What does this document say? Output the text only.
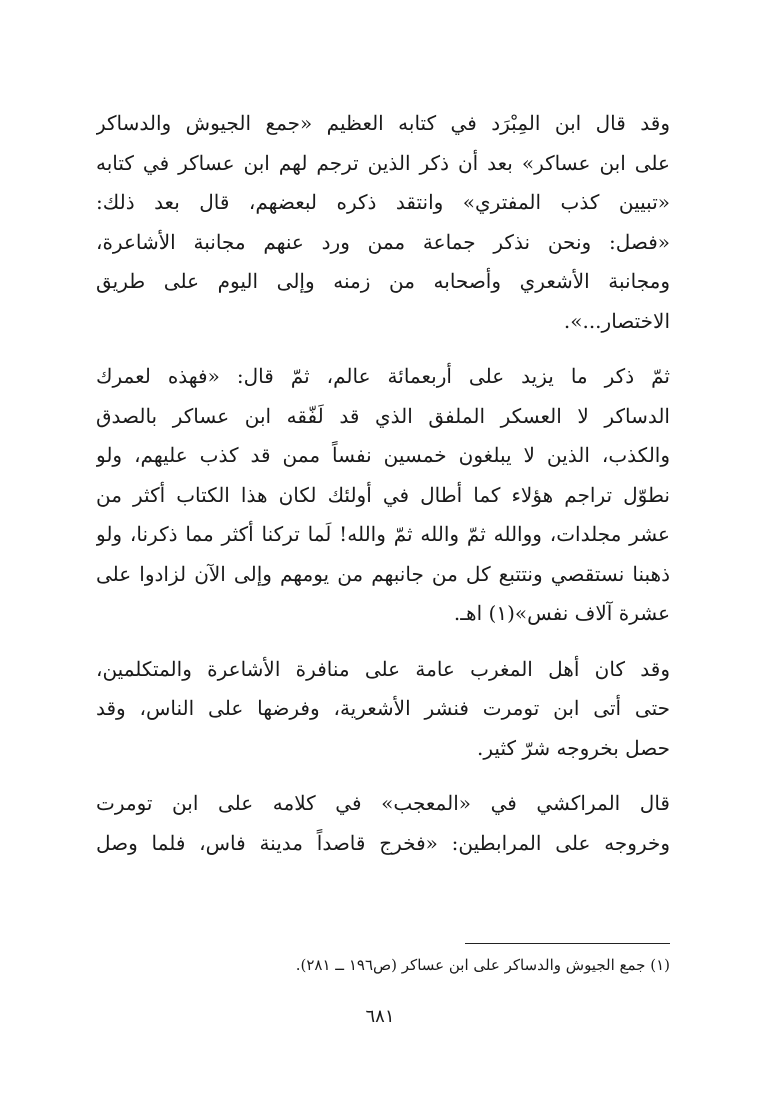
وقد قال ابن المِبْرَد في كتابه العظيم «جمع الجيوش والدساكر
على ابن عساكر» بعد أن ذكر الذين ترجم لهم ابن عساكر في كتابه
«تبيين كذب المفتري» وانتقد ذكره لبعضهم، قال بعد ذلك:
«فصل: ونحن نذكر جماعة ممن ورد عنهم مجانبة الأشاعرة،
ومجانبة الأشعري وأصحابه من زمنه وإلى اليوم على طريق
الاختصار...».
ثمّ ذكر ما يزيد على أربعمائة عالم، ثمّ قال: «فهذه لعمرك
الدساكر لا العسكر الملفق الذي قد لَفّقه ابن عساكر بالصدق
والكذب، الذين لا يبلغون خمسين نفساً ممن قد كذب عليهم، ولو
نطوّل تراجم هؤلاء كما أطال في أولئك لكان هذا الكتاب أكثر من
عشر مجلدات، ووالله ثمّ والله ثمّ والله! لَما تركنا أكثر مما ذكرنا، ولو
ذهبنا نستقصي ونتتبع كل من جانبهم من يومهم وإلى الآن لزادوا على
عشرة آلاف نفس»(١) اهـ.
وقد كان أهل المغرب عامة على منافرة الأشاعرة والمتكلمين،
حتى أتى ابن تومرت فنشر الأشعرية، وفرضها على الناس، وقد
حصل بخروجه شرّ كثير.
قال المراكشي في «المعجب» في كلامه على ابن تومرت
وخروجه على المرابطين: «فخرج قاصداً مدينة فاس، فلما وصل
(١) جمع الجيوش والدساكر على ابن عساكر (ص١٩٦ ــ ٢٨١).
٦٨١
